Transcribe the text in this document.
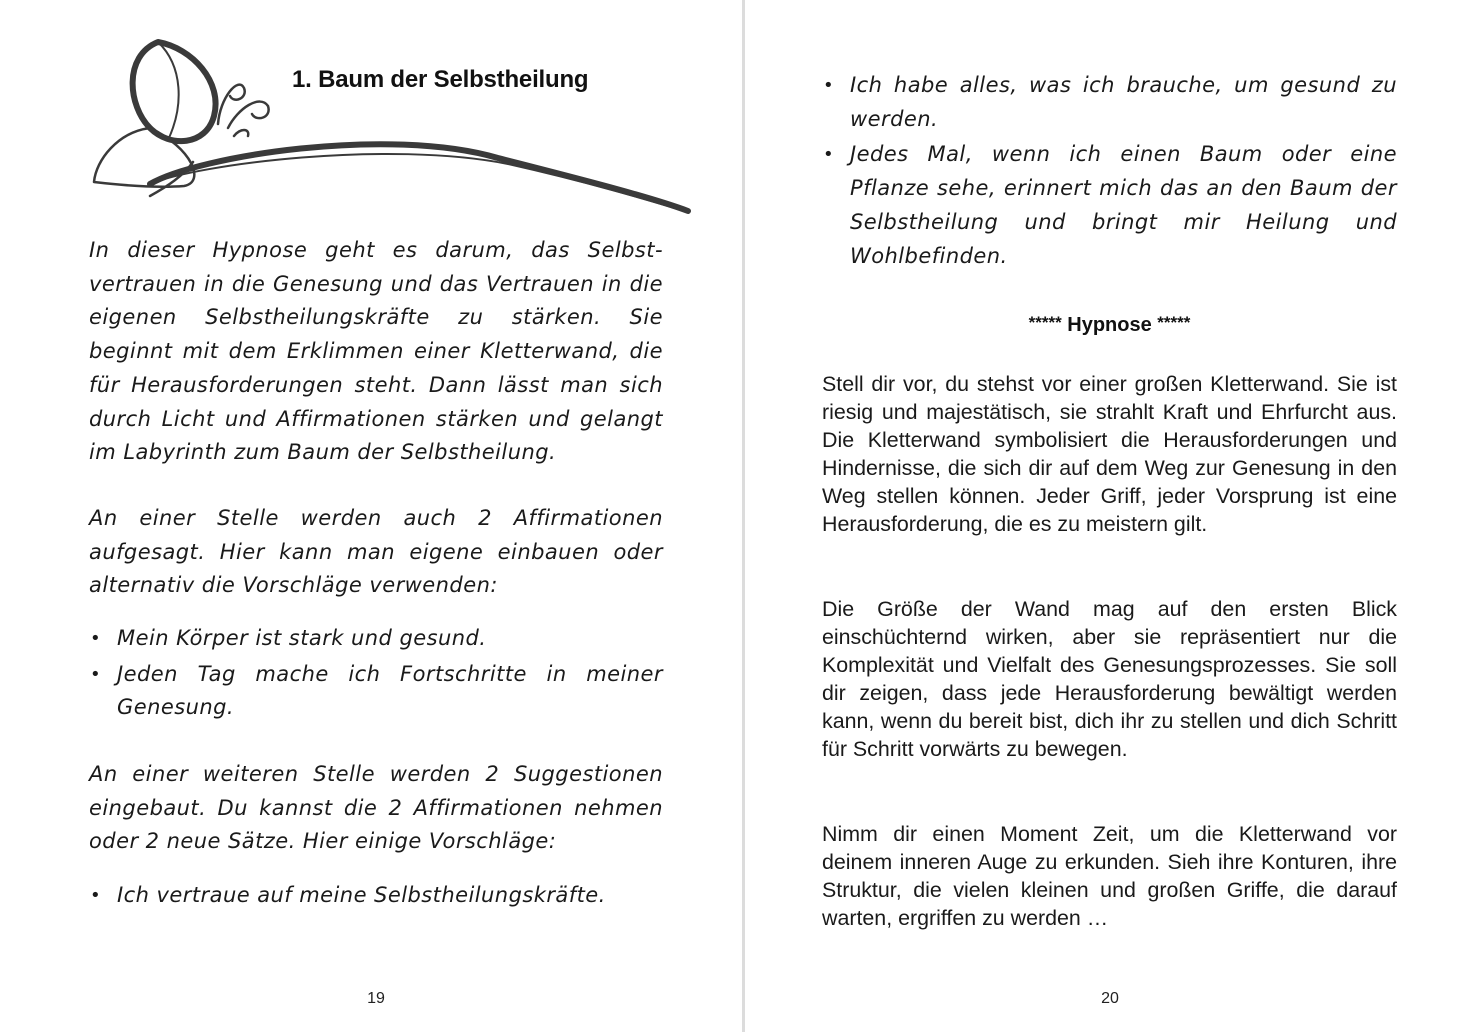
1. Baum der Selbstheilung

In dieser Hypnose geht es darum, das Selbst-vertrauen in die Genesung und das Vertrauen in die eigenen Selbstheilungskräfte zu stärken. Sie beginnt mit dem Erklimmen einer Kletterwand, die für Herausforderungen steht. Dann lässt man sich durch Licht und Affirmationen stärken und gelangt im Labyrinth zum Baum der Selbstheilung.

An einer Stelle werden auch 2 Affirmationen aufgesagt. Hier kann man eigene einbauen oder alternativ die Vorschläge verwenden:

• Mein Körper ist stark und gesund.
• Jeden Tag mache ich Fortschritte in meiner Genesung.

An einer weiteren Stelle werden 2 Suggestionen eingebaut. Du kannst die 2 Affirmationen nehmen oder 2 neue Sätze. Hier einige Vorschläge:

• Ich vertraue auf meine Selbstheilungskräfte.
19
• Ich habe alles, was ich brauche, um gesund zu werden.
• Jedes Mal, wenn ich einen Baum oder eine Pflanze sehe, erinnert mich das an den Baum der Selbstheilung und bringt mir Heilung und Wohlbefinden.
***** Hypnose *****

Stell dir vor, du stehst vor einer großen Kletterwand. Sie ist riesig und majestätisch, sie strahlt Kraft und Ehrfurcht aus. Die Kletterwand symbolisiert die Herausforderungen und Hindernisse, die sich dir auf dem Weg zur Genesung in den Weg stellen können. Jeder Griff, jeder Vorsprung ist eine Herausforderung, die es zu meistern gilt.

Die Größe der Wand mag auf den ersten Blick einschüchternd wirken, aber sie repräsentiert nur die Komplexität und Vielfalt des Genesungsprozesses. Sie soll dir zeigen, dass jede Herausforderung bewältigt werden kann, wenn du bereit bist, dich ihr zu stellen und dich Schritt für Schritt vorwärts zu bewegen.

Nimm dir einen Moment Zeit, um die Kletterwand vor deinem inneren Auge zu erkunden. Sieh ihre Konturen, ihre Struktur, die vielen kleinen und großen Griffe, die darauf warten, ergriffen zu werden …

20
